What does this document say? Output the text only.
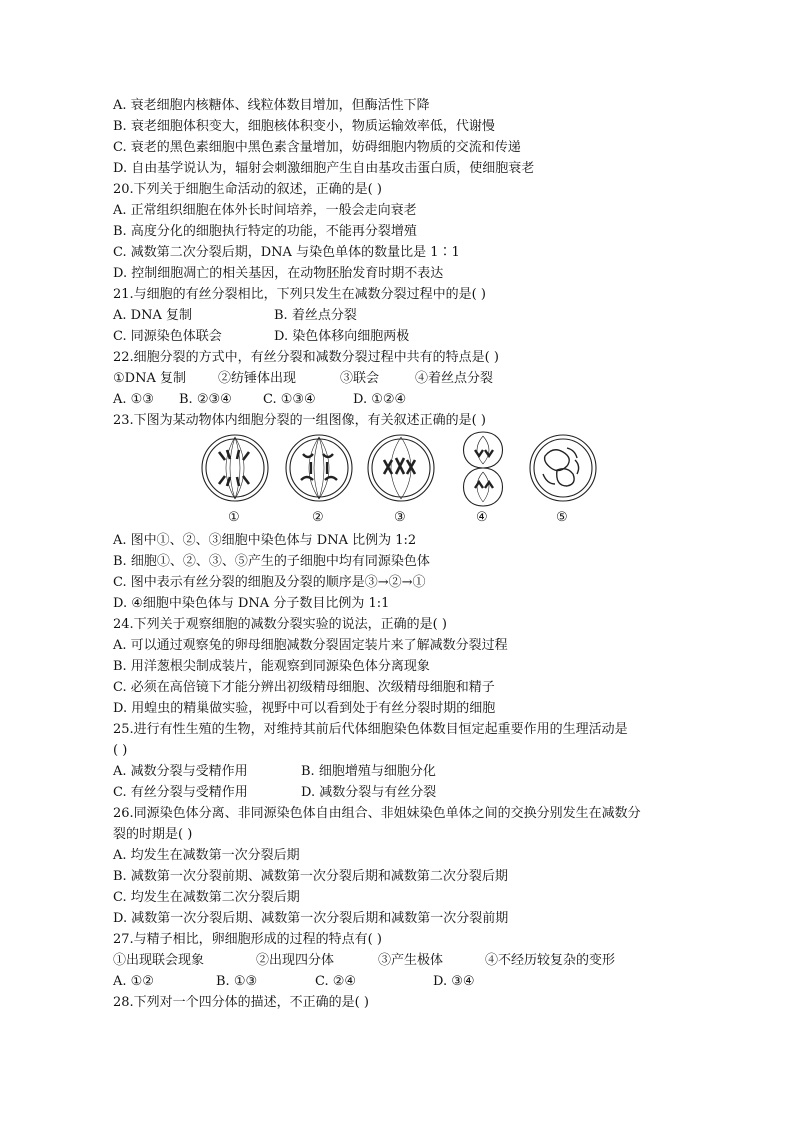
A. 衰老细胞内核糖体、线粒体数目增加，但酶活性下降
B. 衰老细胞体积变大，细胞核体积变小，物质运输效率低，代谢慢
C. 衰老的黑色素细胞中黑色素含量增加，妨碍细胞内物质的交流和传递
D. 自由基学说认为，辐射会刺激细胞产生自由基攻击蛋白质，使细胞衰老
20.下列关于细胞生命活动的叙述，正确的是( )
A. 正常组织细胞在体外长时间培养，一般会走向衰老
B. 高度分化的细胞执行特定的功能，不能再分裂增殖
C. 减数第二次分裂后期，DNA 与染色单体的数量比是 1∶1
D. 控制细胞凋亡的相关基因，在动物胚胎发育时期不表达
21.与细胞的有丝分裂相比，下列只发生在减数分裂过程中的是( )
A. DNA 复制	B. 着丝点分裂
C. 同源染色体联会	D. 染色体移向细胞两极
22.细胞分裂的方式中，有丝分裂和减数分裂过程中共有的特点是( )
①DNA 复制 ②纺锤体出现	③联会	④着丝点分裂
A. ①③ B. ②③④ C. ①③④	D. ①②④
23.下图为某动物体内细胞分裂的一组图像，有关叙述正确的是( )
①	②	③	④	⑤
A. 图中①、②、③细胞中染色体与 DNA 比例为 1:2
B. 细胞①、②、③、⑤产生的子细胞中均有同源染色体
C. 图中表示有丝分裂的细胞及分裂的顺序是③→②→①
D. ④细胞中染色体与 DNA 分子数目比例为 1:1
24.下列关于观察细胞的减数分裂实验的说法，正确的是( )
A. 可以通过观察兔的卵母细胞减数分裂固定装片来了解减数分裂过程
B. 用洋葱根尖制成装片，能观察到同源染色体分离现象
C. 必须在高倍镜下才能分辨出初级精母细胞、次级精母细胞和精子
D. 用蝗虫的精巢做实验，视野中可以看到处于有丝分裂时期的细胞
25.进行有性生殖的生物，对维持其前后代体细胞染色体数目恒定起重要作用的生理活动是
( )
A. 减数分裂与受精作用	B. 细胞增殖与细胞分化
C. 有丝分裂与受精作用	D. 减数分裂与有丝分裂
26.同源染色体分离、非同源染色体自由组合、非姐妹染色单体之间的交换分别发生在减数分
裂的时期是( )
A. 均发生在减数第一次分裂后期
B. 减数第一次分裂前期、减数第一次分裂后期和减数第二次分裂后期
C. 均发生在减数第二次分裂后期
D. 减数第一次分裂后期、减数第一次分裂后期和减数第一次分裂前期
27.与精子相比，卵细胞形成的过程的特点有( )
①出现联会现象	②出现四分体	③产生极体	④不经历较复杂的变形
A. ①②	B. ①③	C. ②④	D. ③④
28.下列对一个四分体的描述，不正确的是( )
